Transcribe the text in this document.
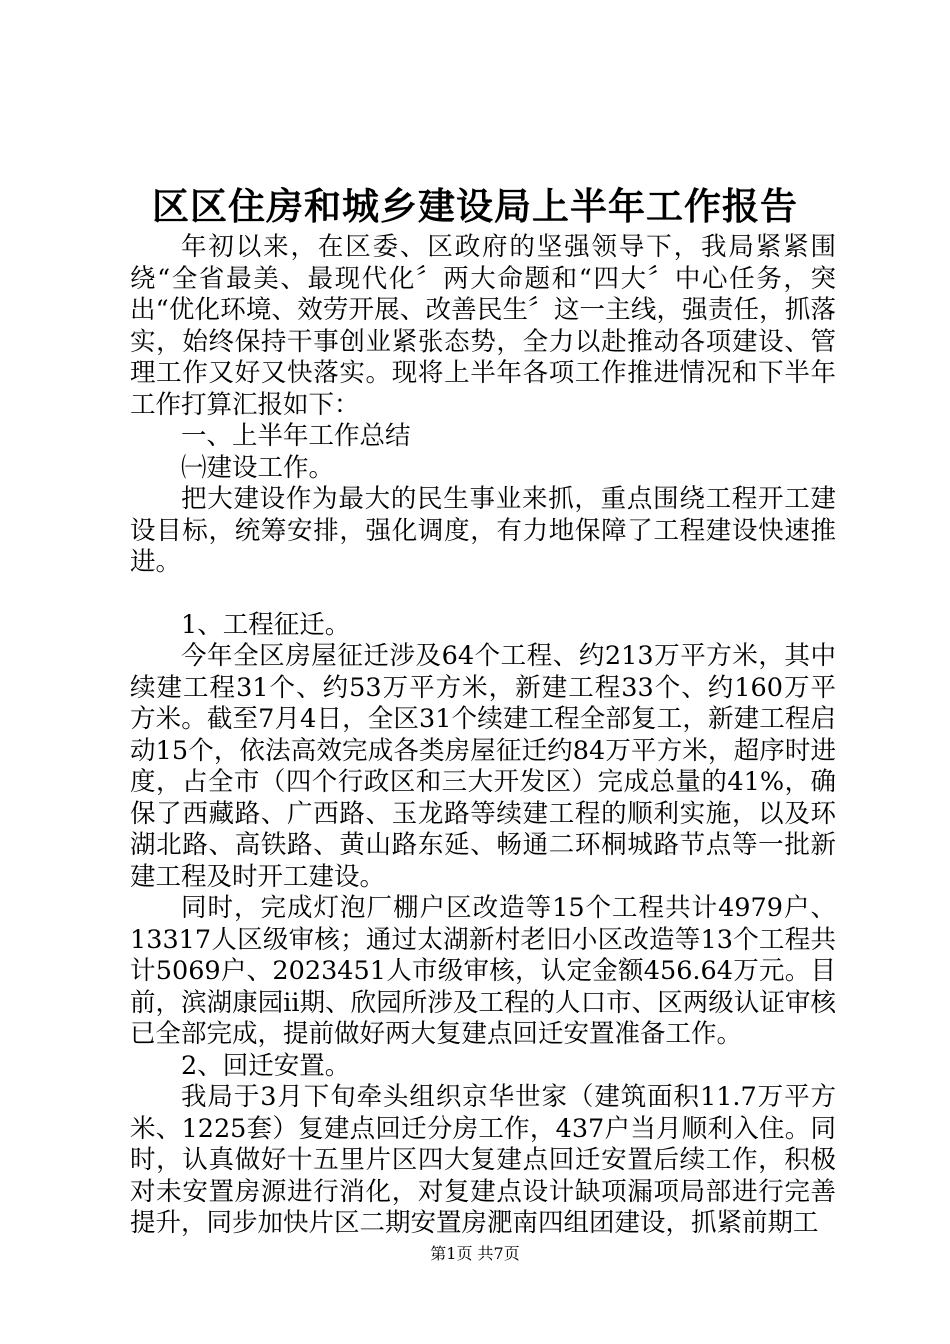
区区住房和城乡建设局上半年工作报告

年初以来，在区委、区政府的坚强领导下，我局紧紧围绕“全省最美、最现代化〞两大命题和“四大〞中心任务，突出“优化环境、效劳开展、改善民生〞这一主线，强责任，抓落实，始终保持干事创业紧张态势，全力以赴推动各项建设、管理工作又好又快落实。现将上半年各项工作推进情况和下半年工作打算汇报如下：

一、上半年工作总结

㈠建设工作。

把大建设作为最大的民生事业来抓，重点围绕工程开工建设目标，统筹安排，强化调度，有力地保障了工程建设快速推进。

1、工程征迁。

今年全区房屋征迁涉及64个工程、约213万平方米，其中续建工程31个、约53万平方米，新建工程33个、约160万平方米。截至7月4日，全区31个续建工程全部复工，新建工程启动15个，依法高效完成各类房屋征迁约84万平方米，超序时进度，占全市（四个行政区和三大开发区）完成总量的41%，确保了西藏路、广西路、玉龙路等续建工程的顺利实施，以及环湖北路、高铁路、黄山路东延、畅通二环桐城路节点等一批新建工程及时开工建设。

同时，完成灯泡厂棚户区改造等15个工程共计4979户、13317人区级审核；通过太湖新村老旧小区改造等13个工程共计5069户、2023451人市级审核，认定金额456.64万元。目前，滨湖康园ii期、欣园所涉及工程的人口市、区两级认证审核已全部完成，提前做好两大复建点回迁安置准备工作。

2、回迁安置。

我局于3月下旬牵头组织京华世家（建筑面积11.7万平方米、1225套）复建点回迁分房工作，437户当月顺利入住。同时，认真做好十五里片区四大复建点回迁安置后续工作，积极对未安置房源进行消化，对复建点设计缺项漏项局部进行完善提升，同步加快片区二期安置房淝南四组团建设，抓紧前期工

第1页 共7页
